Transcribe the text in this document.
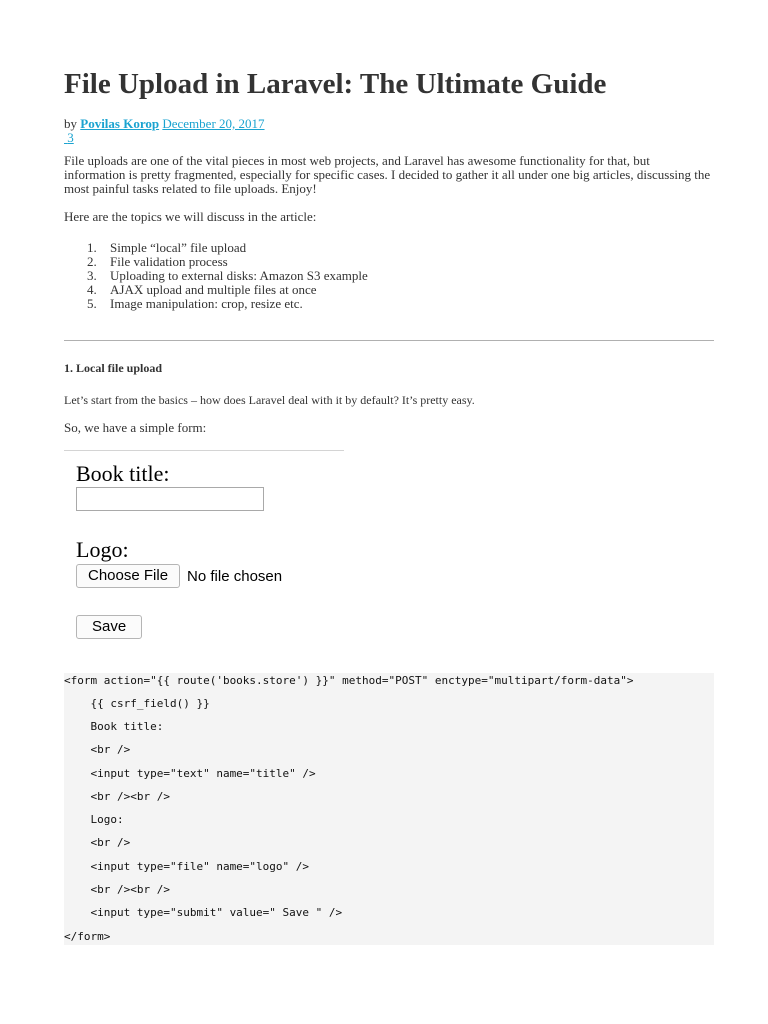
File Upload in Laravel: The Ultimate Guide
by Povilas Korop December 20, 2017
3

File uploads are one of the vital pieces in most web projects, and Laravel has awesome functionality for that, but information is pretty fragmented, especially for specific cases. I decided to gather it all under one big articles, discussing the most painful tasks related to file uploads. Enjoy!

Here are the topics we will discuss in the article:

1. Simple “local” file upload
2. File validation process
3. Uploading to external disks: Amazon S3 example
4. AJAX upload and multiple files at once
5. Image manipulation: crop, resize etc.
1. Local file upload

Let’s start from the basics – how does Laravel deal with it by default? It’s pretty easy.

So, we have a simple form:

Book title:
Logo:
Choose File	No file chosen
Save
<form action="{{ route('books.store') }}" method="POST" enctype="multipart/form-data">
{{ csrf_field() }}
Book title:
<br />
<input type="text" name="title" />
<br /><br />
Logo:
<br />
<input type="file" name="logo" />
<br /><br />
<input type="submit" value=" Save " />
</form>
